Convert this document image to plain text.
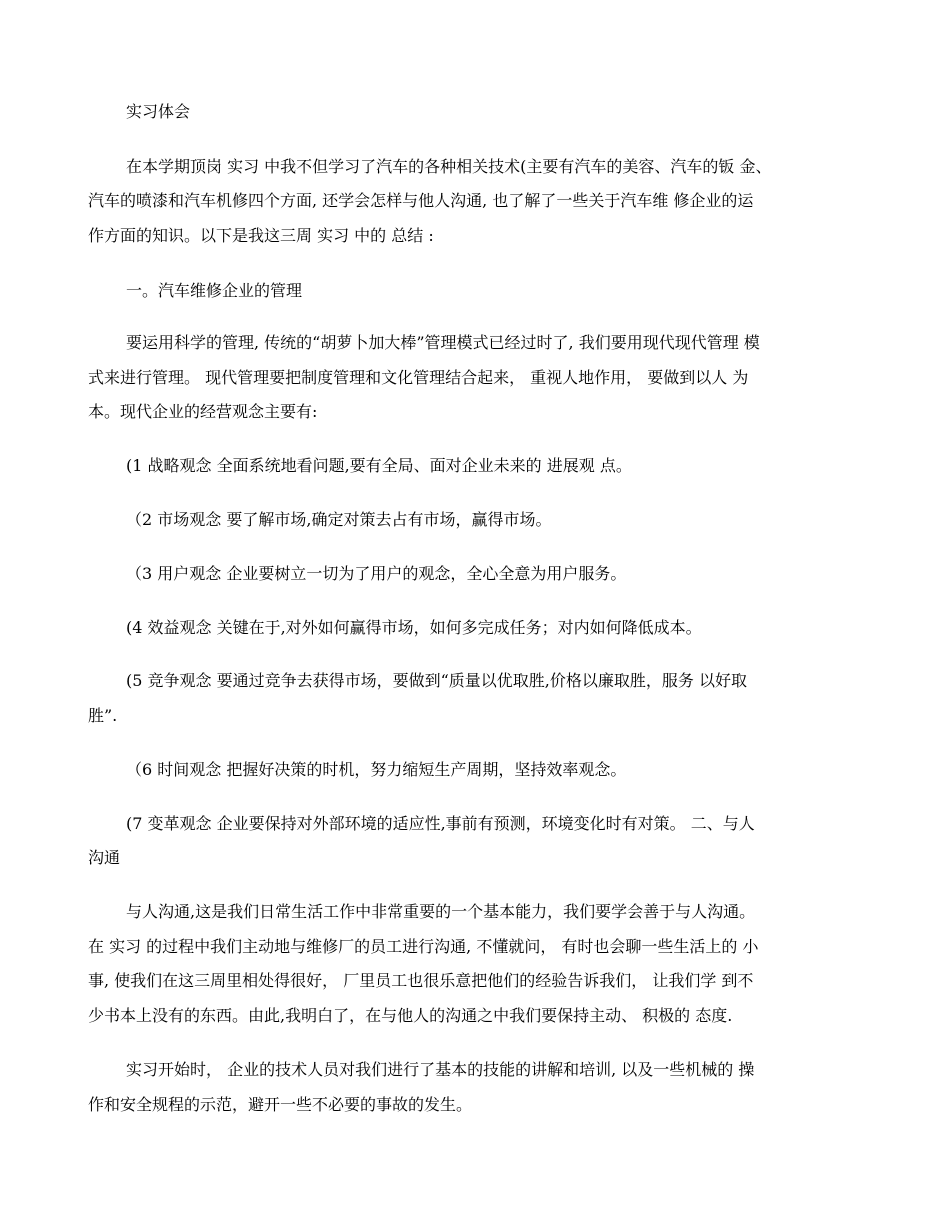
实习体会

在本学期顶岗 实习 中我不但学习了汽车的各种相关技术(主要有汽车的美容、汽车的钣 金、

汽车的喷漆和汽车机修四个方面, 还学会怎样与他人沟通, 也了解了一些关于汽车维 修企业的运

作方面的知识。以下是我这三周 实习 中的 总结 :

一。汽车维修企业的管理

要运用科学的管理, 传统的“胡萝卜加大棒”管理模式已经过时了, 我们要用现代现代管理 模

式来进行管理。 现代管理要把制度管理和文化管理结合起来， 重视人地作用， 要做到以人 为

本。现代企业的经营观念主要有:

(1 战略观念 全面系统地看问题,要有全局、面对企业未来的 进展观 点。

（2 市场观念 要了解市场,确定对策去占有市场，赢得市场。

（3 用户观念 企业要树立一切为了用户的观念，全心全意为用户服务。

(4 效益观念 关键在于,对外如何赢得市场，如何多完成任务；对内如何降低成本。

(5 竞争观念 要通过竞争去获得市场，要做到“质量以优取胜,价格以廉取胜，服务 以好取

胜”.

（6 时间观念 把握好决策的时机，努力缩短生产周期，坚持效率观念。

(7 变革观念 企业要保持对外部环境的适应性,事前有预测，环境变化时有对策。 二、与人

沟通

与人沟通,这是我们日常生活工作中非常重要的一个基本能力，我们要学会善于与人沟通。

在 实习 的过程中我们主动地与维修厂的员工进行沟通, 不懂就问， 有时也会聊一些生活上的 小

事, 使我们在这三周里相处得很好， 厂里员工也很乐意把他们的经验告诉我们， 让我们学 到不

少书本上没有的东西。由此,我明白了，在与他人的沟通之中我们要保持主动、 积极的 态度.

实习开始时， 企业的技术人员对我们进行了基本的技能的讲解和培训, 以及一些机械的 操

作和安全规程的示范，避开一些不必要的事故的发生。
